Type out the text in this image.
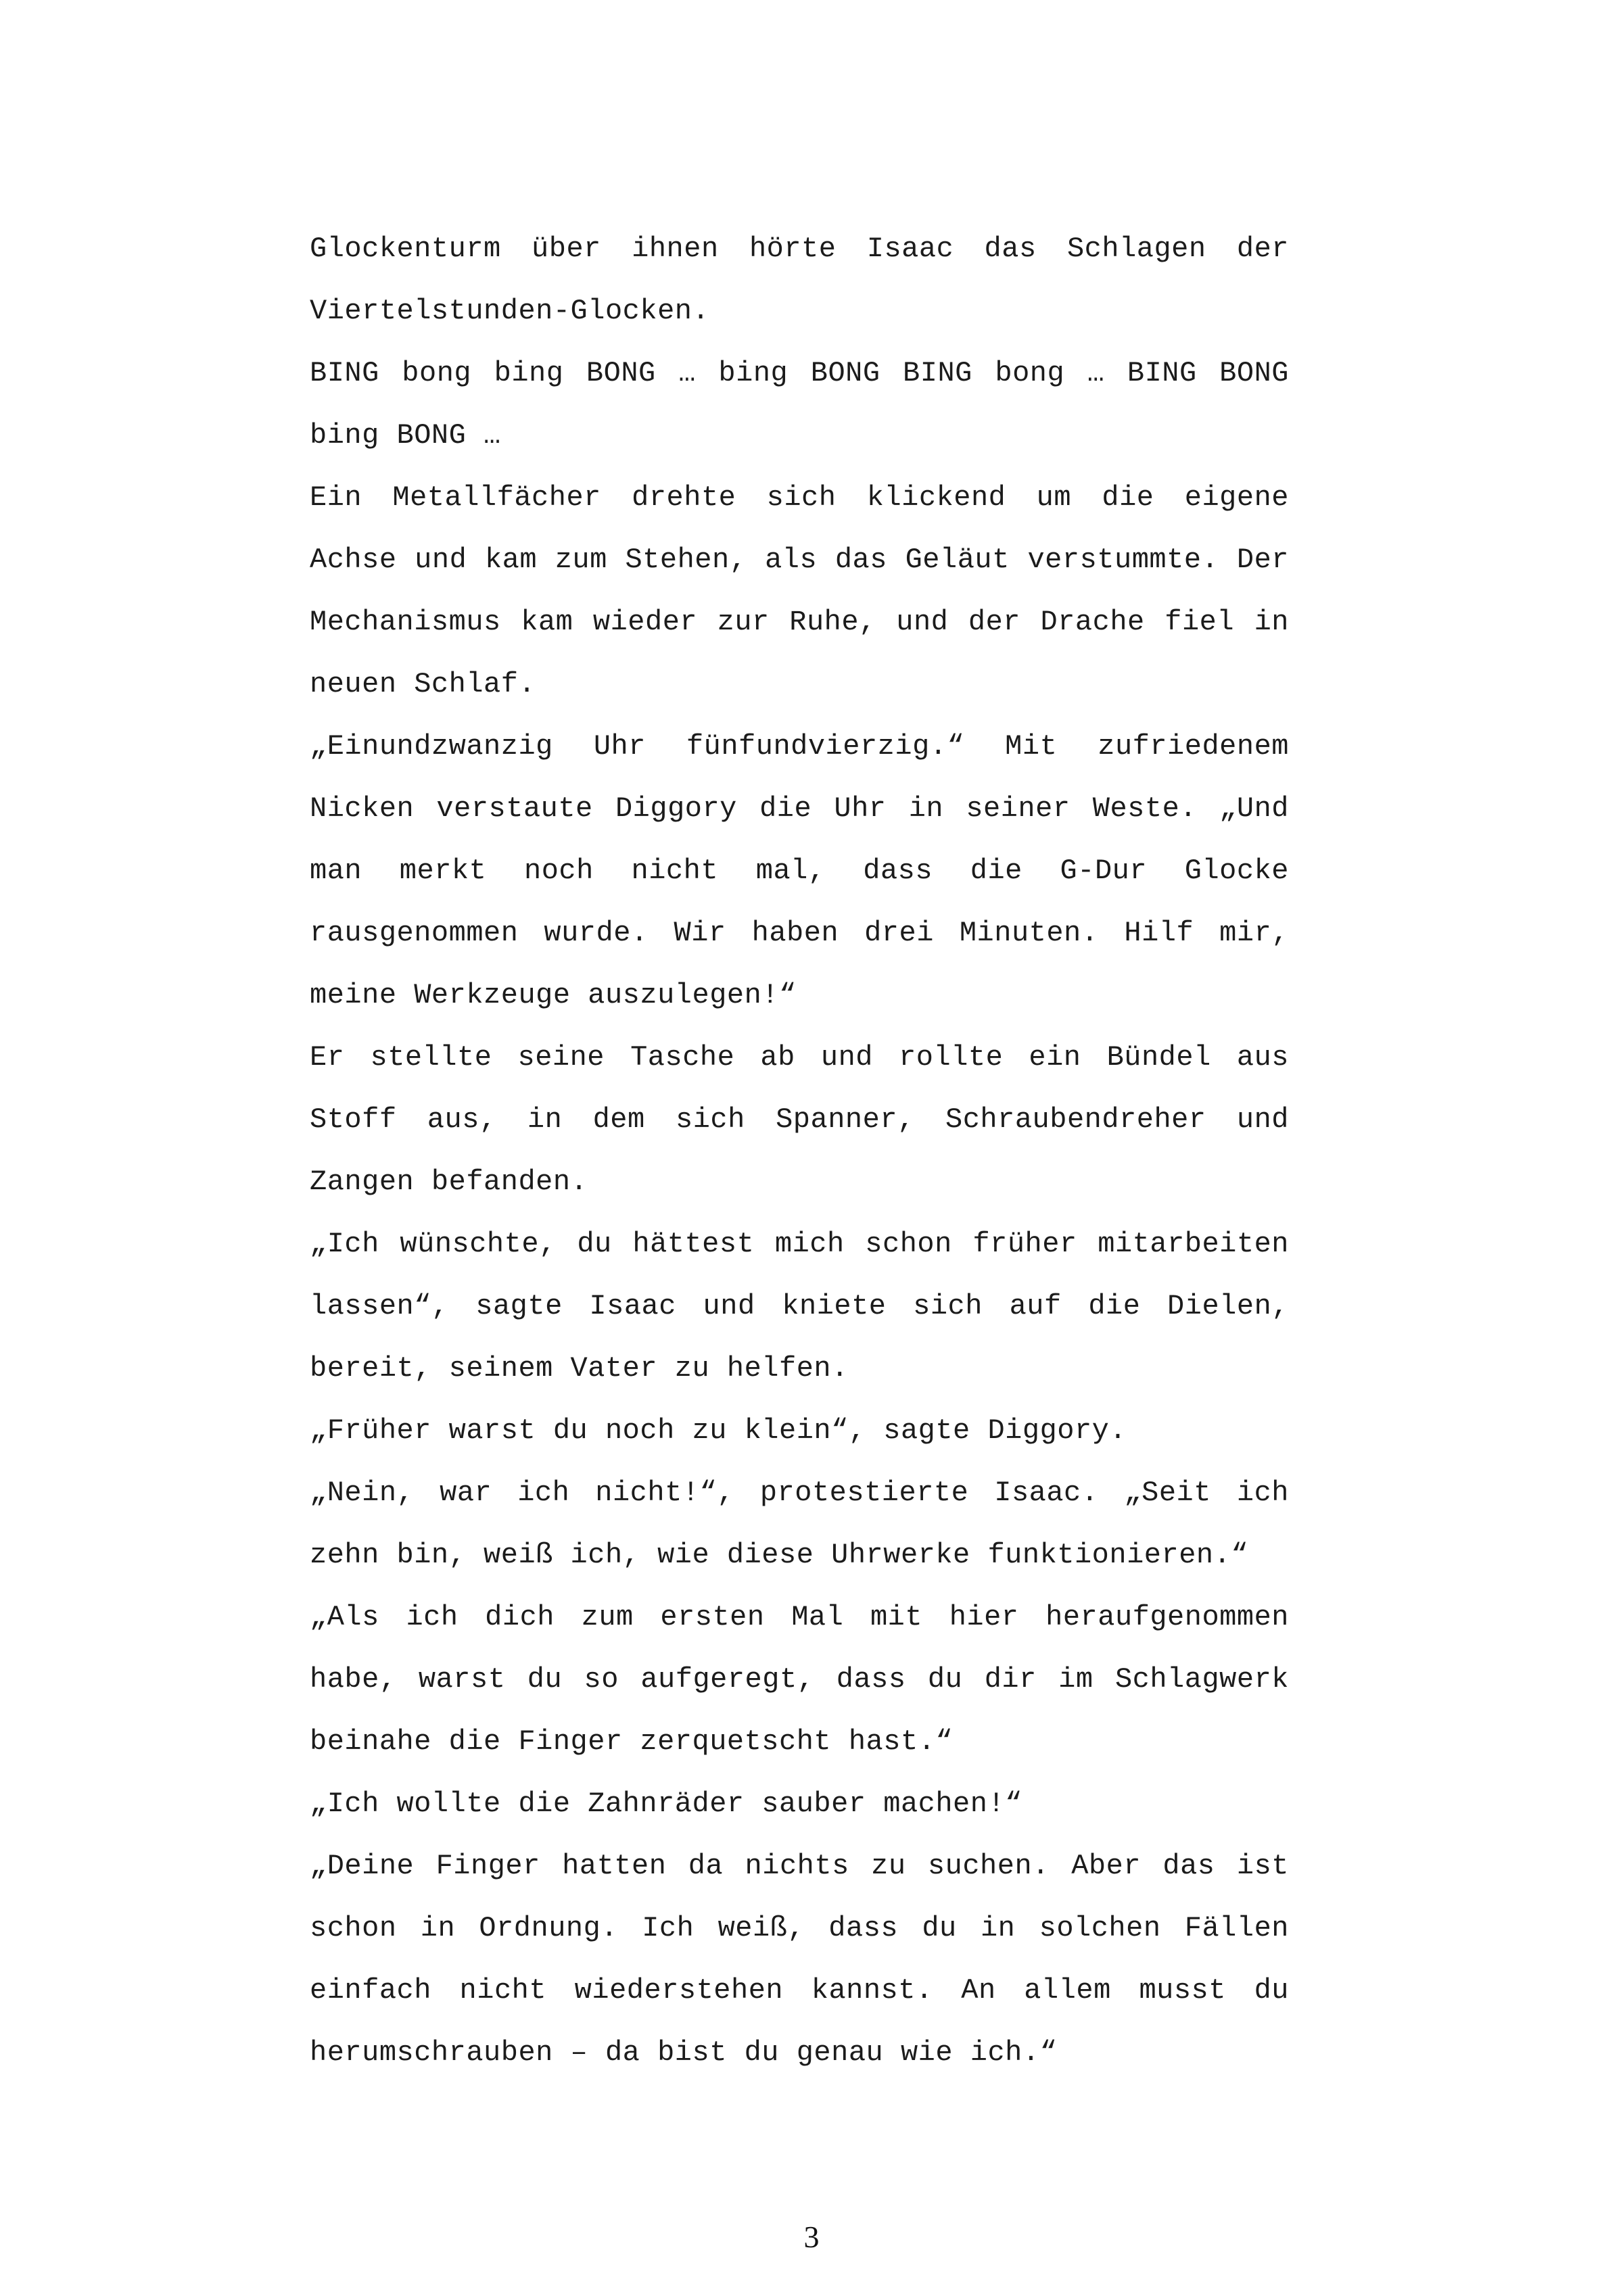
Glockenturm über ihnen hörte Isaac das Schlagen der Viertelstunden-Glocken.

BING bong bing BONG … bing BONG BING bong … BING BONG bing BONG …

Ein Metallfächer drehte sich klickend um die eigene Achse und kam zum Stehen, als das Geläut verstummte. Der Mechanismus kam wieder zur Ruhe, und der Drache fiel in neuen Schlaf.

„Einundzwanzig Uhr fünfundvierzig.“ Mit zufriedenem Nicken verstaute Diggory die Uhr in seiner Weste. „Und man merkt noch nicht mal, dass die G-Dur Glocke rausgenommen wurde. Wir haben drei Minuten. Hilf mir, meine Werkzeuge auszulegen!“

Er stellte seine Tasche ab und rollte ein Bündel aus Stoff aus, in dem sich Spanner, Schraubendreher und Zangen befanden.

„Ich wünschte, du hättest mich schon früher mitarbeiten lassen“, sagte Isaac und kniete sich auf die Dielen, bereit, seinem Vater zu helfen.

„Früher warst du noch zu klein“, sagte Diggory.

„Nein, war ich nicht!“, protestierte Isaac. „Seit ich zehn bin, weiß ich, wie diese Uhrwerke funktionieren.“

„Als ich dich zum ersten Mal mit hier heraufgenommen habe, warst du so aufgeregt, dass du dir im Schlagwerk beinahe die Finger zerquetscht hast.“

„Ich wollte die Zahnräder sauber machen!“

„Deine Finger hatten da nichts zu suchen. Aber das ist schon in Ordnung. Ich weiß, dass du in solchen Fällen einfach nicht wiederstehen kannst. An allem musst du herumschrauben – da bist du genau wie ich.“

3
